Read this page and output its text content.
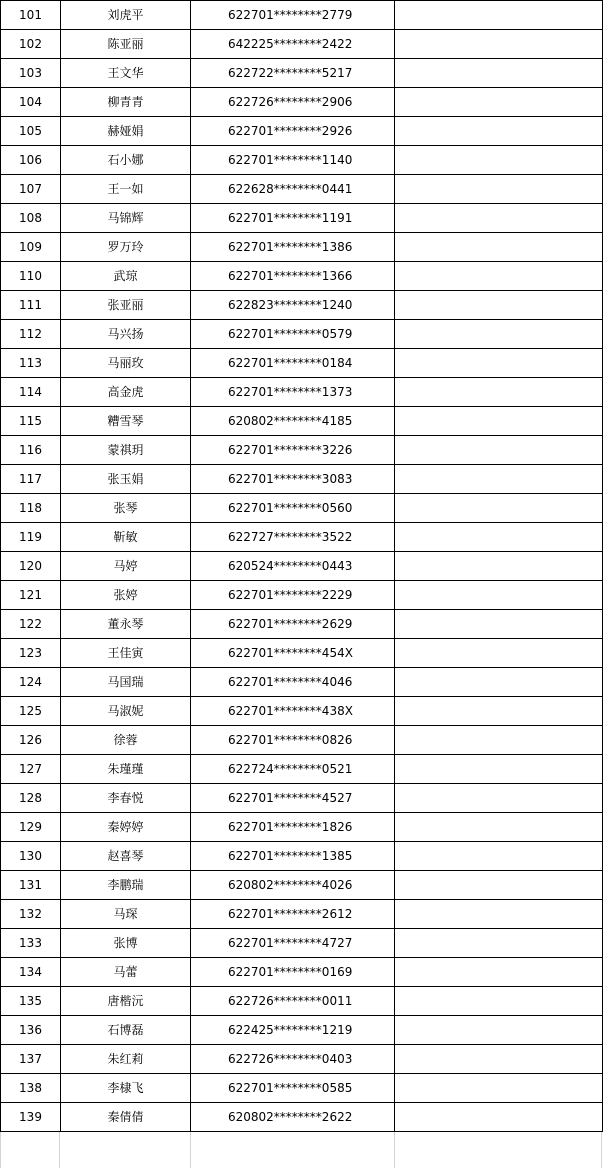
101	刘虎平	622701********2779	
102	陈亚丽	642225********2422	
103	王文华	622722********5217	
104	柳青青	622726********2906	
105	赫娅娟	622701********2926	
106	石小娜	622701********1140	
107	王一如	622628********0441	
108	马锦辉	622701********1191	
109	罗万玲	622701********1386	
110	武琼	622701********1366	
111	张亚丽	622823********1240	
112	马兴扬	622701********0579	
113	马丽玫	622701********0184	
114	高金虎	622701********1373	
115	糟雪琴	620802********4185	
116	蒙祺玥	622701********3226	
117	张玉娟	622701********3083	
118	张琴	622701********0560	
119	靳敏	622727********3522	
120	马婷	620524********0443	
121	张婷	622701********2229	
122	董永琴	622701********2629	
123	王佳寅	622701********454X	
124	马国瑞	622701********4046	
125	马淑妮	622701********438X	
126	徐蓉	622701********0826	
127	朱瑾瑾	622724********0521	
128	李春悦	622701********4527	
129	秦婷婷	622701********1826	
130	赵喜琴	622701********1385	
131	李鹏瑞	620802********4026	
132	马琛	622701********2612	
133	张博	622701********4727	
134	马蕾	622701********0169	
135	唐楷沅	622726********0011	
136	石博磊	622425********1219	
137	朱红莉	622726********0403	
138	李棣飞	622701********0585	
139	秦倩倩	620802********2622	
